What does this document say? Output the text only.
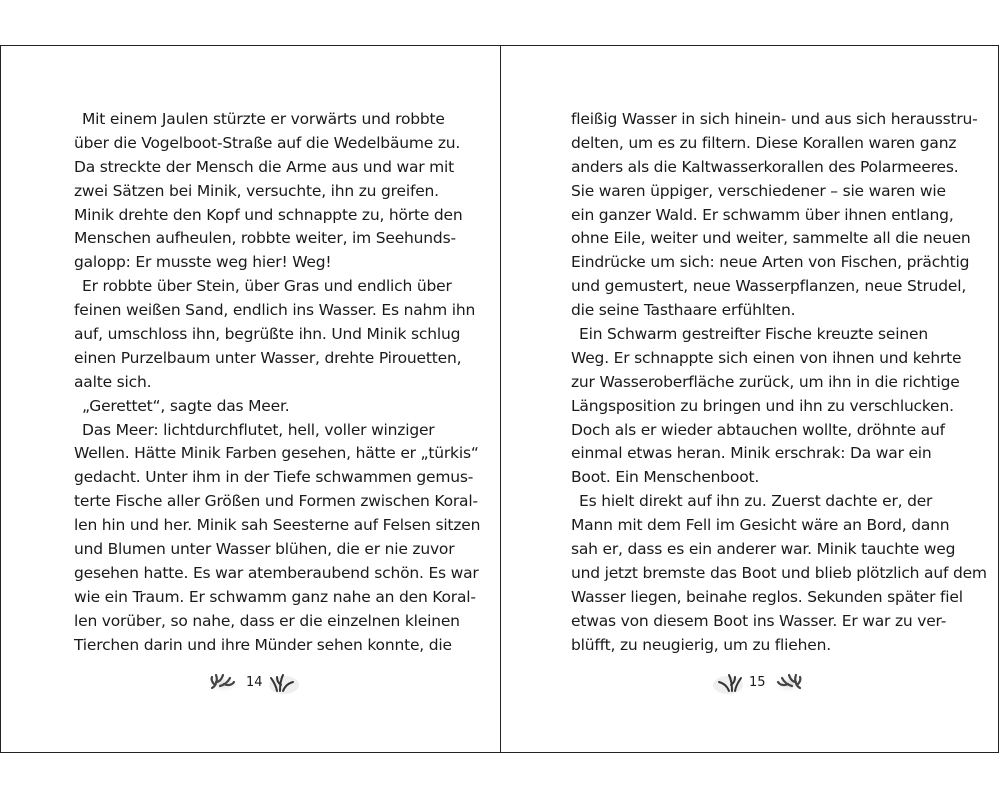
Mit einem Jaulen stürzte er vorwärts und robbte
über die Vogelboot-Straße auf die Wedelbäume zu.
Da streckte der Mensch die Arme aus und war mit
zwei Sätzen bei Minik, versuchte, ihn zu greifen.
Minik drehte den Kopf und schnappte zu, hörte den
Menschen aufheulen, robbte weiter, im Seehunds-
galopp: Er musste weg hier! Weg!
Er robbte über Stein, über Gras und endlich über
feinen weißen Sand, endlich ins Wasser. Es nahm ihn
auf, umschloss ihn, begrüßte ihn. Und Minik schlug
einen Purzelbaum unter Wasser, drehte Pirouetten,
aalte sich.
„Gerettet“, sagte das Meer.
Das Meer: lichtdurchflutet, hell, voller winziger
Wellen. Hätte Minik Farben gesehen, hätte er „türkis“
gedacht. Unter ihm in der Tiefe schwammen gemus-
terte Fische aller Größen und Formen zwischen Koral-
len hin und her. Minik sah Seesterne auf Felsen sitzen
und Blumen unter Wasser blühen, die er nie zuvor
gesehen hatte. Es war atemberaubend schön. Es war
wie ein Traum. Er schwamm ganz nahe an den Koral-
len vorüber, so nahe, dass er die einzelnen kleinen
Tierchen darin und ihre Münder sehen konnte, die
14
fleißig Wasser in sich hinein- und aus sich herausstru-
delten, um es zu filtern. Diese Korallen waren ganz
anders als die Kaltwasserkorallen des Polarmeeres.
Sie waren üppiger, verschiedener – sie waren wie
ein ganzer Wald. Er schwamm über ihnen entlang,
ohne Eile, weiter und weiter, sammelte all die neuen
Eindrücke um sich: neue Arten von Fischen, prächtig
und gemustert, neue Wasserpflanzen, neue Strudel,
die seine Tasthaare erfühlten.
Ein Schwarm gestreifter Fische kreuzte seinen
Weg. Er schnappte sich einen von ihnen und kehrte
zur Wasseroberfläche zurück, um ihn in die richtige
Längsposition zu bringen und ihn zu verschlucken.
Doch als er wieder abtauchen wollte, dröhnte auf
einmal etwas heran. Minik erschrak: Da war ein
Boot. Ein Menschenboot.
Es hielt direkt auf ihn zu. Zuerst dachte er, der
Mann mit dem Fell im Gesicht wäre an Bord, dann
sah er, dass es ein anderer war. Minik tauchte weg
und jetzt bremste das Boot und blieb plötzlich auf dem
Wasser liegen, beinahe reglos. Sekunden später fiel
etwas von diesem Boot ins Wasser. Er war zu ver-
blüfft, zu neugierig, um zu fliehen.
15
